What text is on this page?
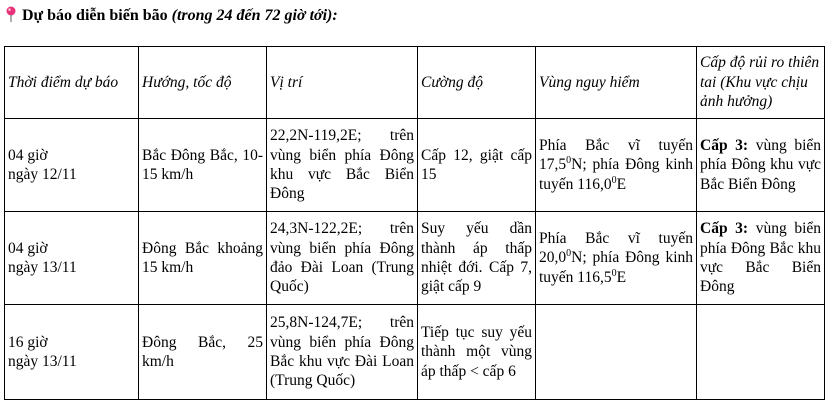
Dự báo diễn biến bão (trong 24 đến 72 giờ tới):
Thời điểm dự báo	Hướng, tốc độ	Vị trí	Cường độ	Vùng nguy hiểm	Cấp độ rủi ro thiên tai (Khu vực chịu ảnh hưởng)

04 giờ
ngày 12/11	Bắc Đông Bắc, 10-15 km/h	22,2N-119,2E; trên vùng biển phía Đông khu vực Bắc Biển Đông	Cấp 12, giật cấp 15	Phía Bắc vĩ tuyến 17,5$^0$N; phía Đông kinh tuyến 116,0$^0$E	Cấp 3: vùng biển phía Đông khu vực Bắc Biển Đông

04 giờ
ngày 13/11	Đông Bắc khoảng 15 km/h	24,3N-122,2E; trên vùng biển phía Đông đảo Đài Loan (Trung Quốc)	Suy yếu dần thành áp thấp nhiệt đới. Cấp 7, giật cấp 9	Phía Bắc vĩ tuyến 20,0$^0$N; phía Đông kinh tuyến 116,5$^0$E	Cấp 3: vùng biển phía Đông Bắc khu vực Bắc Biển Đông

16 giờ
ngày 13/11	Đông Bắc, 25 km/h	25,8N-124,7E; trên vùng biển phía Đông Bắc khu vực Đài Loan (Trung Quốc)	Tiếp tục suy yếu thành một vùng áp thấp < cấp 6		
